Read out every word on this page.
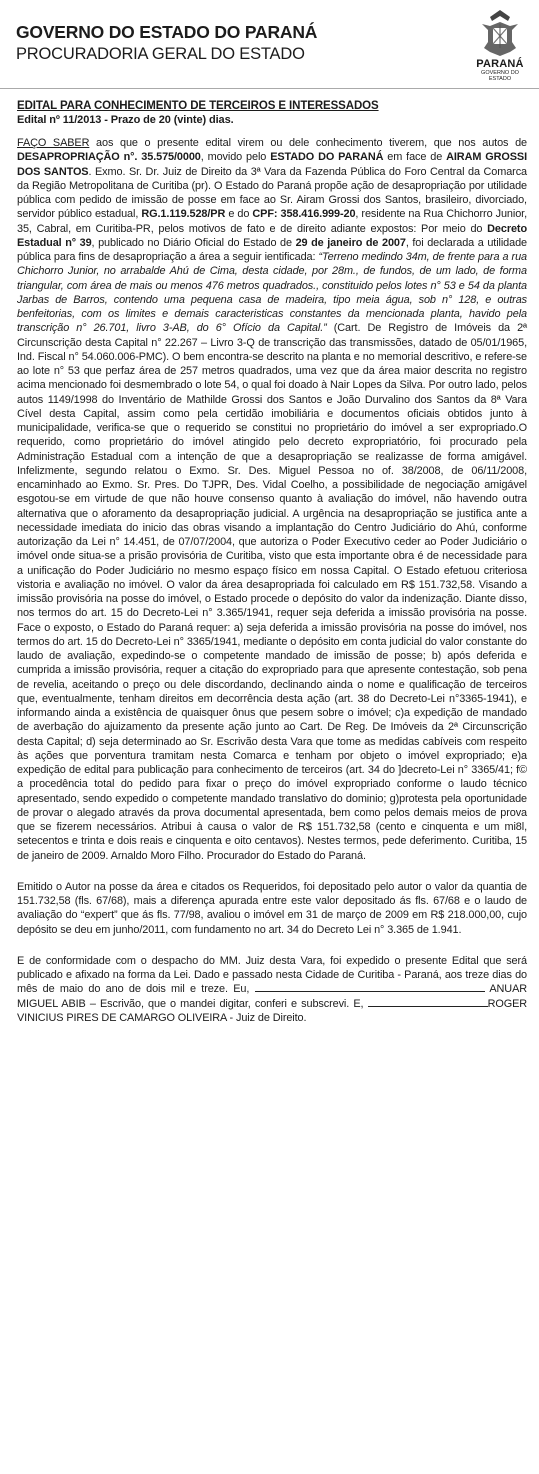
GOVERNO DO ESTADO DO PARANÁ
PROCURADORIA GERAL DO ESTADO
PARANÁ
GOVERNO DO ESTADO
EDITAL PARA CONHECIMENTO DE TERCEIROS E INTERESSADOS
Edital nº 11/2013 - Prazo de 20 (vinte) dias.

FAÇO SABER aos que o presente edital virem ou dele conhecimento tiverem, que nos autos de DESAPROPRIAÇÃO n°. 35.575/0000, movido pelo ESTADO DO PARANÁ em face de AIRAM GROSSI DOS SANTOS. Exmo. Sr. Dr. Juiz de Direito da 3ª Vara da Fazenda Pública do Foro Central da Comarca da Região Metropolitana de Curitiba (pr). O Estado do Paraná propõe ação de desapropriação por utilidade pública com pedido de imissão de posse em face ao Sr. Airam Grossi dos Santos, brasileiro, divorciado, servidor público estadual, RG.1.119.528/PR e do CPF: 358.416.999-20, residente na Rua Chichorro Junior, 35, Cabral, em Curitiba-PR, pelos motivos de fato e de direito adiante expostos: Por meio do Decreto Estadual n° 39, publicado no Diário Oficial do Estado de 29 de janeiro de 2007, foi declarada a utilidade pública para fins de desapropriação a área a seguir ientificada: “Terreno medindo 34m, de frente para a rua Chichorro Junior, no arrabalde Ahú de Cima, desta cidade, por 28m., de fundos, de um lado, de forma triangular, com área de mais ou menos 476 metros quadrados., constituido pelos lotes n° 53 e 54 da planta Jarbas de Barros, contendo uma pequena casa de madeira, tipo meia água, sob n° 128, e outras benfeitorias, com os limites e demais caracteristicas constantes da mencionada planta, havido pela transcrição n° 26.701, livro 3-AB, do 6° Ofício da Capital.” (Cart. De Registro de Imóveis da 2ª Circunscrição desta Capital n° 22.267 – Livro 3-Q de transcrição das transmissões, datado de 05/01/1965, Ind. Fiscal n° 54.060.006-PMC). O bem encontra-se descrito na planta e no memorial descritivo, e refere-se ao lote n° 53 que perfaz área de 257 metros quadrados, uma vez que da área maior descrita no registro acima mencionado foi desmembrado o lote 54, o qual foi doado à Nair Lopes da Silva. Por outro lado, pelos autos 1149/1998 do Inventário de Mathilde Grossi dos Santos e João Durvalino dos Santos da 8ª Vara Cível desta Capital, assim como pela certidão imobiliária e documentos oficiais obtidos junto à municipalidade, verifica-se que o requerido se constitui no proprietário do imóvel a ser expropriado.O requerido, como proprietário do imóvel atingido pelo decreto expropriatório, foi procurado pela Administração Estadual com a intenção de que a desapropriação se realizasse de forma amigável. Infelizmente, segundo relatou o Exmo. Sr. Des. Miguel Pessoa no of. 38/2008, de 06/11/2008, encaminhado ao Exmo. Sr. Pres. Do TJPR, Des. Vidal Coelho, a possibilidade de negociação amigável esgotou-se em virtude de que não houve consenso quanto à avaliação do imóvel, não havendo outra alternativa que o aforamento da desapropriação judicial. A urgência na desapropriação se justifica ante a necessidade imediata do inicio das obras visando a implantação do Centro Judiciário do Ahú, conforme autorização da Lei n° 14.451, de 07/07/2004, que autoriza o Poder Executivo ceder ao Poder Judiciário o imóvel onde situa-se a prisão provisória de Curitiba, visto que esta importante obra é de necessidade para a unificação do Poder Judiciário no mesmo espaço físico em nossa Capital. O Estado efetuou criteriosa vistoria e avaliação no imóvel. O valor da área desapropriada foi calculado em R$ 151.732,58. Visando a imissão provisória na posse do imóvel, o Estado procede o depósito do valor da indenização. Diante disso, nos termos do art. 15 do Decreto-Lei n° 3.365/1941, requer seja deferida a imissão provisória na posse. Face o exposto, o Estado do Paraná requer: a) seja deferida a imissão provisória na posse do imóvel, nos termos do art. 15 do Decreto-Lei n° 3365/1941, mediante o depósito em conta judicial do valor constante do laudo de avaliação, expedindo-se o competente mandado de imissão de posse; b) após deferida e cumprida a imissão provisória, requer a citação do expropriado para que apresente contestação, sob pena de revelia, aceitando o preço ou dele discordando, declinando ainda o nome e qualificação de terceiros que, eventualmente, tenham direitos em decorrência desta ação (art. 38 do Decreto-Lei n°3365-1941), e informando ainda a existência de quaisquer ônus que pesem sobre o imóvel; c)a expedição de mandado de averbação do ajuizamento da presente ação junto ao Cart. De Reg. De Imóveis da 2ª Circunscrição desta Capital; d) seja determinado ao Sr. Escrivão desta Vara que tome as medidas cabíveis com respeito às ações que porventura tramitam nesta Comarca e tenham por objeto o imóvel expropriado; e)a expedição de edital para publicação para conhecimento de terceiros (art. 34 do ]decreto-Lei n° 3365/41; f© a procedência total do pedido para fixar o preço do imóvel expropriado conforme o laudo técnico apresentado, sendo expedido o competente mandado translativo do dominio; g)protesta pela oportunidade de provar o alegado através da prova documental apresentada, bem como pelos demais meios de prova que se fizerem necessários. Atribui à causa o valor de R$ 151.732,58 (cento e cinquenta e um mi8l, setecentos e trinta e dois reais e cinquenta e oito centavos). Nestes termos, pede deferimento. Curitiba, 15 de janeiro de 2009. Arnaldo Moro Filho. Procurador do Estado do Paraná.

Emitido o Autor na posse da área e citados os Requeridos, foi depositado pelo autor o valor da quantia de 151.732,58 (fls. 67/68), mais a diferença apurada entre este valor depositado ás fls. 67/68 e o laudo de avaliação do “expert” que ás fls. 77/98, avaliou o imóvel em 31 de março de 2009 em R$ 218.000,00, cujo depósito se deu em junho/2011, com fundamento no art. 34 do Decreto Lei n° 3.365 de 1.941.

E de conformidade com o despacho do MM. Juiz desta Vara, foi expedido o presente Edital que será publicado e afixado na forma da Lei. Dado e passado nesta Cidade de Curitiba - Paraná, aos treze dias do mês de maio do ano de dois mil e treze. Eu,	ANUAR MIGUEL ABIB – Escrivão, que o mandei digitar, conferi e subscrevi. E,	ROGER VINICIUS PIRES DE CAMARGO OLIVEIRA - Juiz de Direito.
